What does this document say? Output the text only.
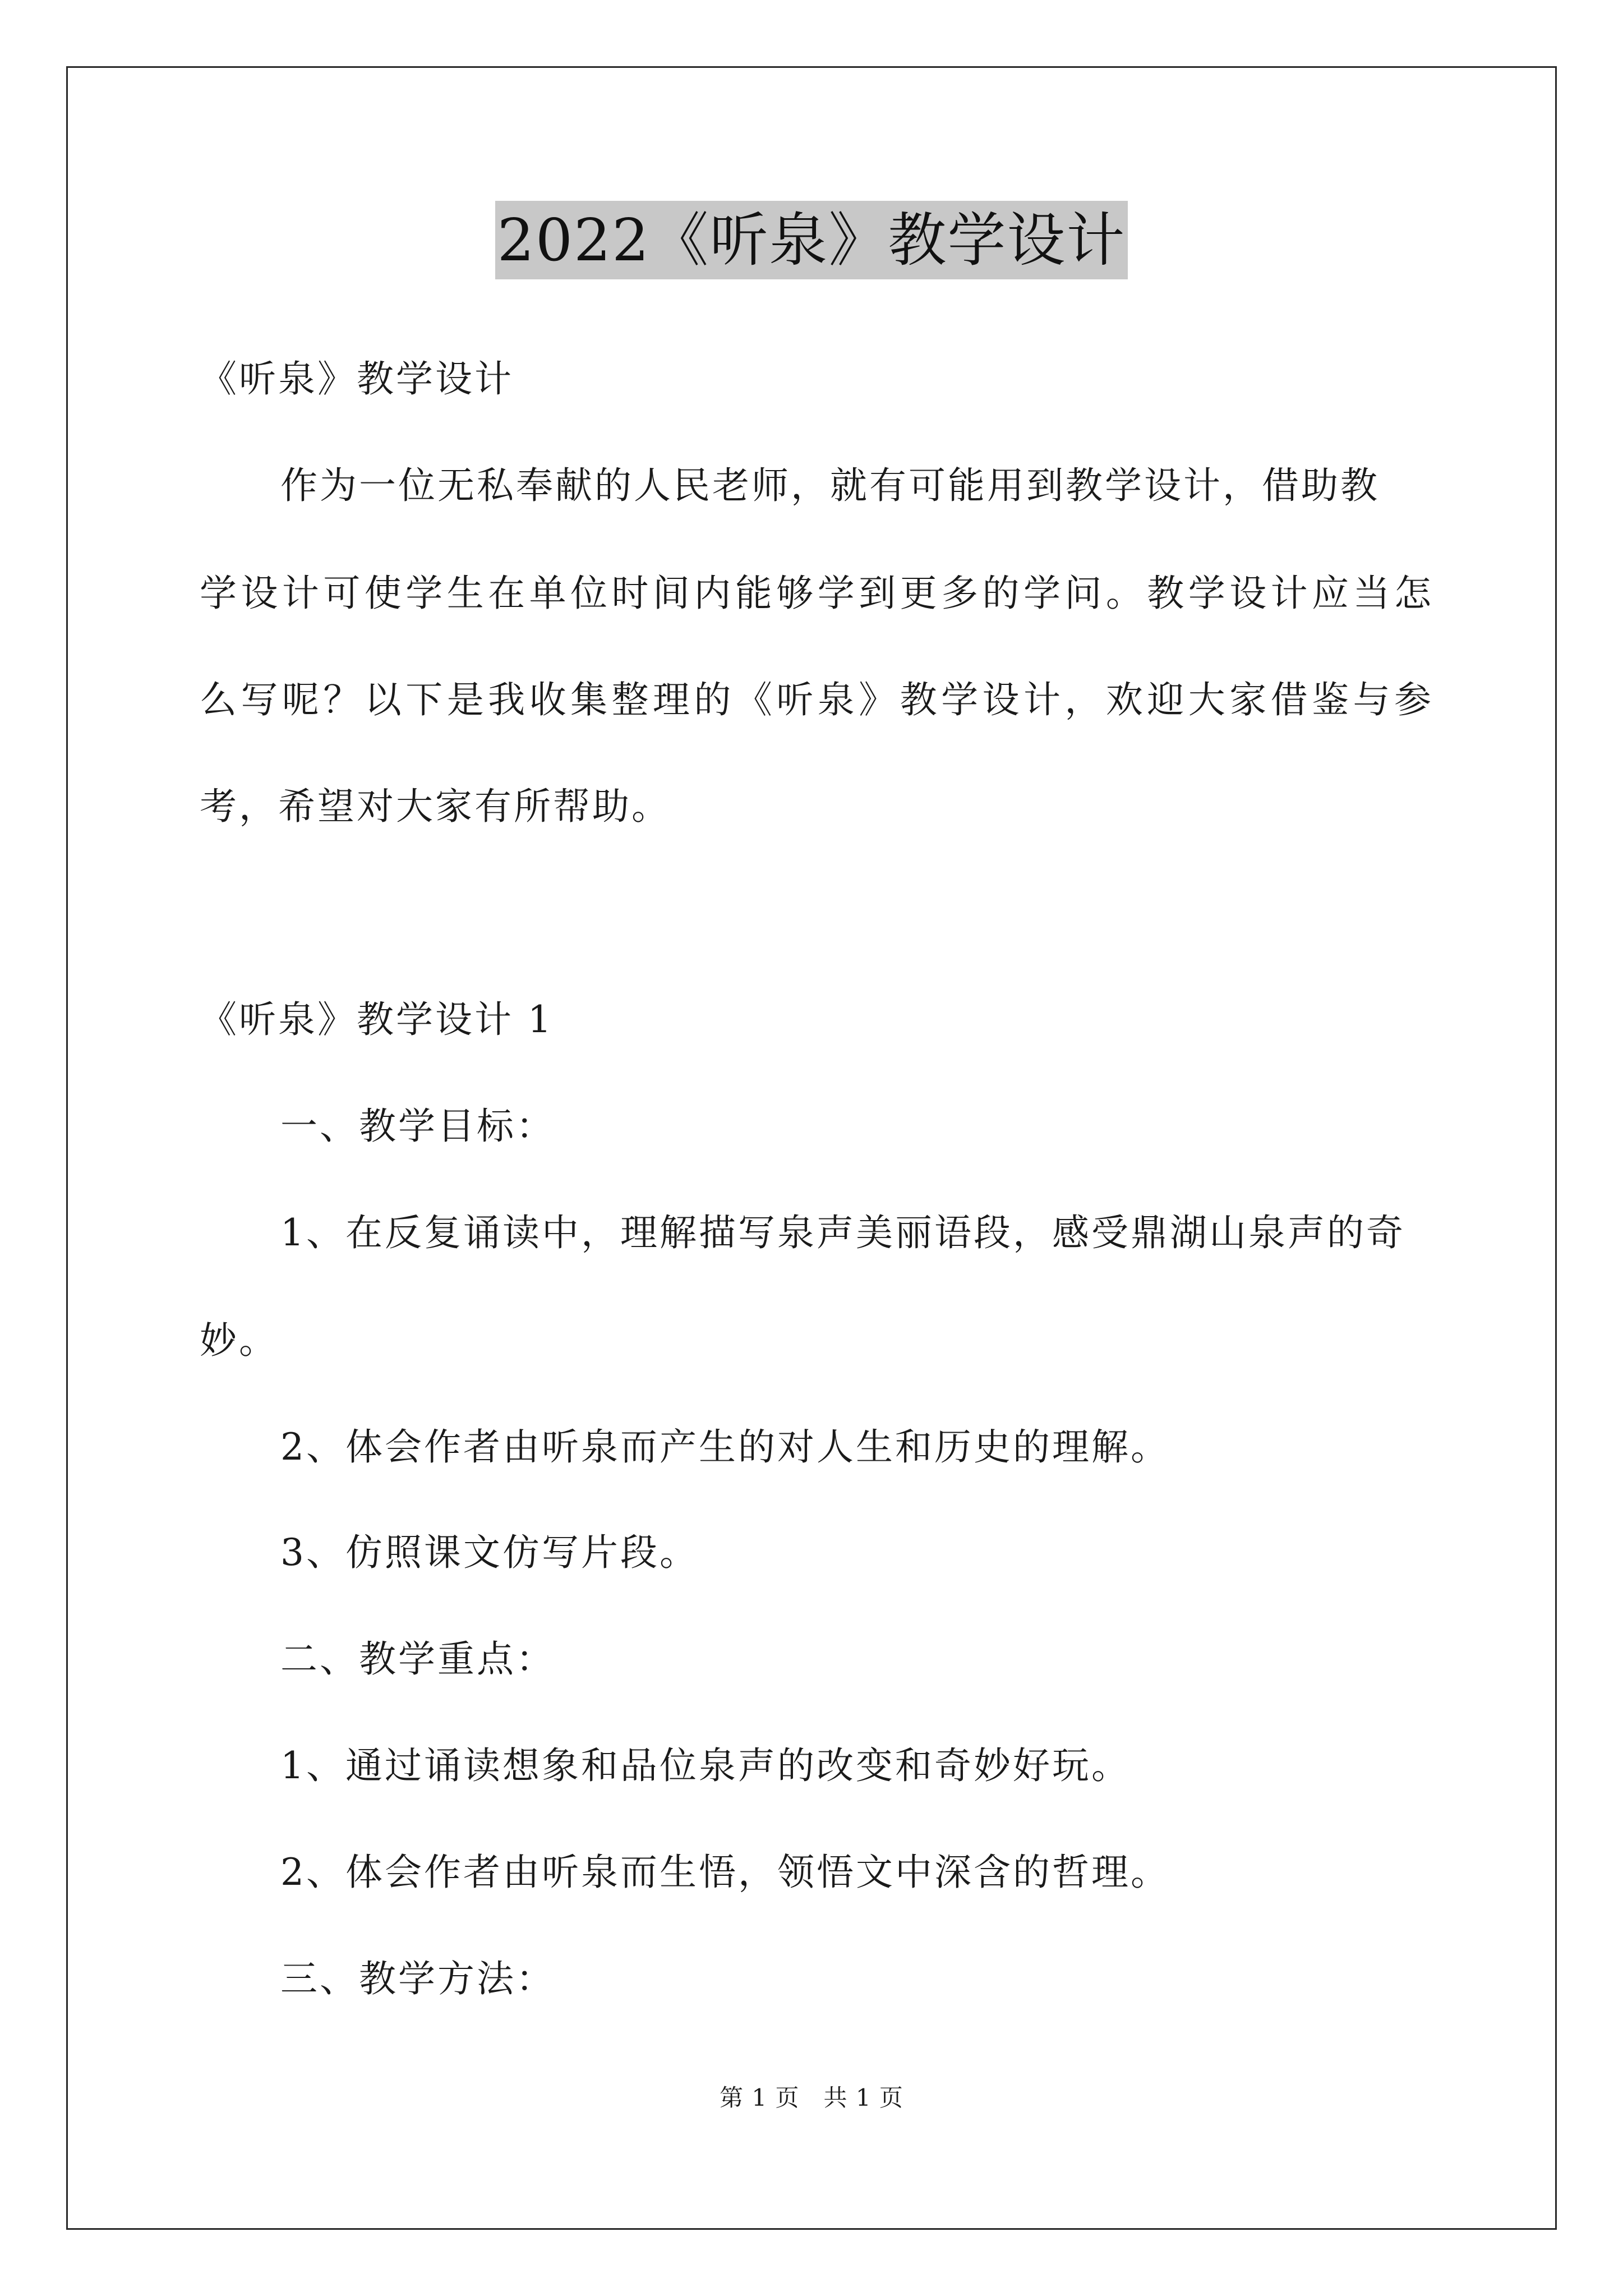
2022《听泉》教学设计
《听泉》教学设计
作为一位无私奉献的人民老师，就有可能用到教学设计，借助教
学设计可使学生在单位时间内能够学到更多的学问。教学设计应当怎
么写呢？以下是我收集整理的《听泉》教学设计，欢迎大家借鉴与参
考，希望对大家有所帮助。
《听泉》教学设计 1
一、教学目标：
1、在反复诵读中，理解描写泉声美丽语段，感受鼎湖山泉声的奇
妙。
2、体会作者由听泉而产生的对人生和历史的理解。
3、仿照课文仿写片段。
二、教学重点：
1、通过诵读想象和品位泉声的改变和奇妙好玩。
2、体会作者由听泉而生悟，领悟文中深含的哲理。
三、教学方法：
第 1 页　共 1 页
